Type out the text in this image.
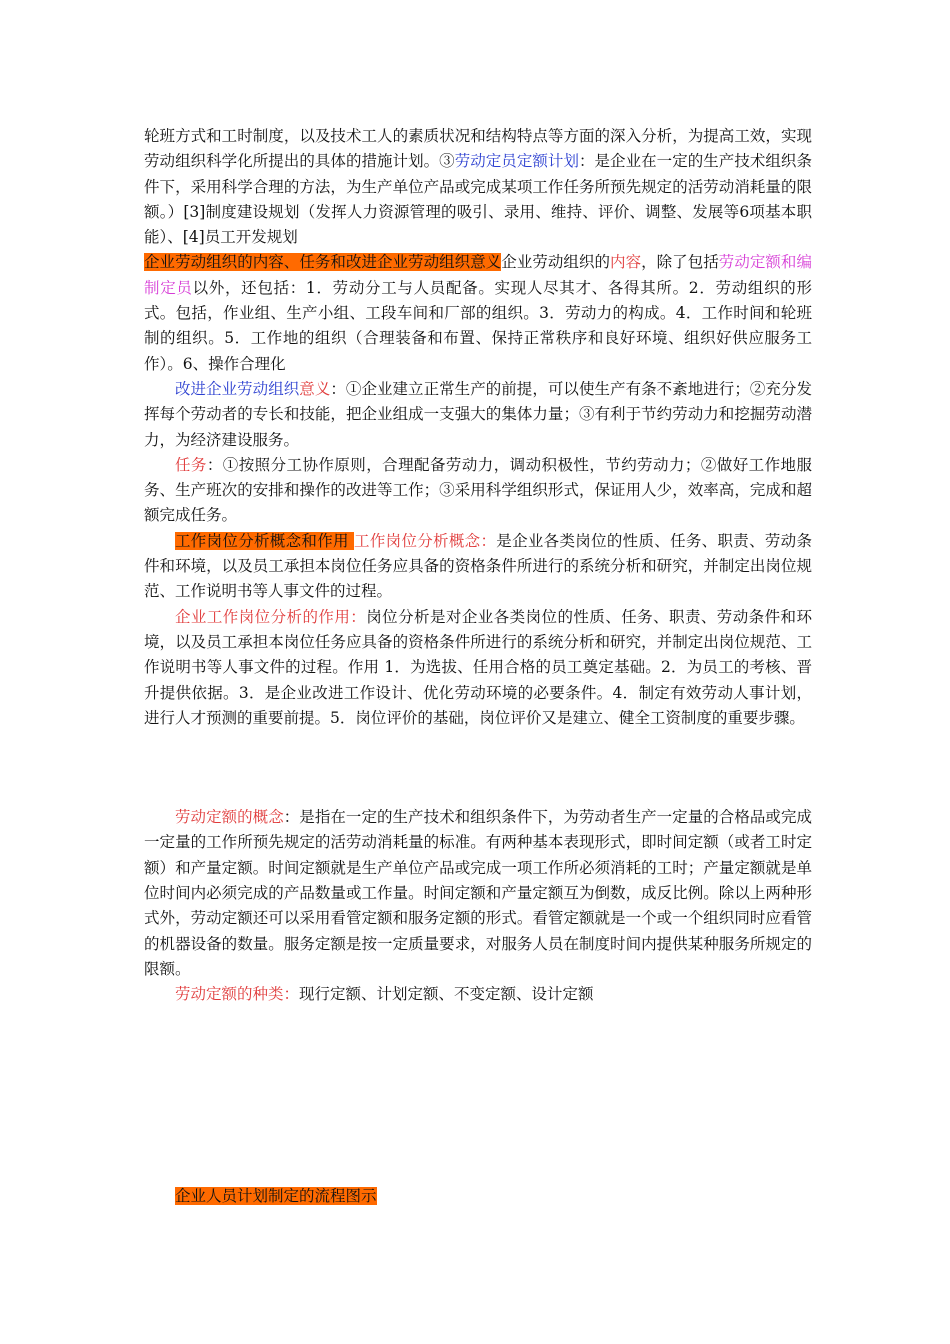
轮班方式和工时制度，以及技术工人的素质状况和结构特点等方面的深入分析，为提高工效，实现劳动组织科学化所提出的具体的措施计划。③劳动定员定额计划：是企业在一定的生产技术组织条件下，采用科学合理的方法，为生产单位产品或完成某项工作任务所预先规定的活劳动消耗量的限额。）[3]制度建设规划（发挥人力资源管理的吸引、录用、维持、评价、调整、发展等6项基本职能）、[4]员工开发规划

企业劳动组织的内容、任务和改进企业劳动组织意义企业劳动组织的内容，除了包括劳动定额和编制定员以外，还包括：1．劳动分工与人员配备。实现人尽其才、各得其所。2．劳动组织的形式。包括，作业组、生产小组、工段车间和厂部的组织。3．劳动力的构成。4．工作时间和轮班制的组织。5．工作地的组织（合理装备和布置、保持正常秩序和良好环境、组织好供应服务工作）。6、操作合理化

改进企业劳动组织意义：①企业建立正常生产的前提，可以使生产有条不紊地进行；②充分发挥每个劳动者的专长和技能，把企业组成一支强大的集体力量；③有利于节约劳动力和挖掘劳动潜力，为经济建设服务。

任务：①按照分工协作原则，合理配备劳动力，调动积极性，节约劳动力；②做好工作地服务、生产班次的安排和操作的改进等工作；③采用科学组织形式，保证用人少，效率高，完成和超额完成任务。

工作岗位分析概念和作用 工作岗位分析概念：是企业各类岗位的性质、任务、职责、劳动条件和环境，以及员工承担本岗位任务应具备的资格条件所进行的系统分析和研究，并制定出岗位规范、工作说明书等人事文件的过程。

企业工作岗位分析的作用：岗位分析是对企业各类岗位的性质、任务、职责、劳动条件和环境，以及员工承担本岗位任务应具备的资格条件所进行的系统分析和研究，并制定出岗位规范、工作说明书等人事文件的过程。作用 1．为选拔、任用合格的员工奠定基础。2．为员工的考核、晋升提供依据。3．是企业改进工作设计、优化劳动环境的必要条件。4．制定有效劳动人事计划，进行人才预测的重要前提。5．岗位评价的基础，岗位评价又是建立、健全工资制度的重要步骤。

劳动定额的概念：是指在一定的生产技术和组织条件下，为劳动者生产一定量的合格品或完成一定量的工作所预先规定的活劳动消耗量的标准。有两种基本表现形式，即时间定额（或者工时定额）和产量定额。时间定额就是生产单位产品或完成一项工作所必须消耗的工时；产量定额就是单位时间内必须完成的产品数量或工作量。时间定额和产量定额互为倒数，成反比例。除以上两种形式外，劳动定额还可以采用看管定额和服务定额的形式。看管定额就是一个或一个组织同时应看管的机器设备的数量。服务定额是按一定质量要求，对服务人员在制度时间内提供某种服务所规定的限额。

劳动定额的种类：现行定额、计划定额、不变定额、设计定额

企业人员计划制定的流程图示
